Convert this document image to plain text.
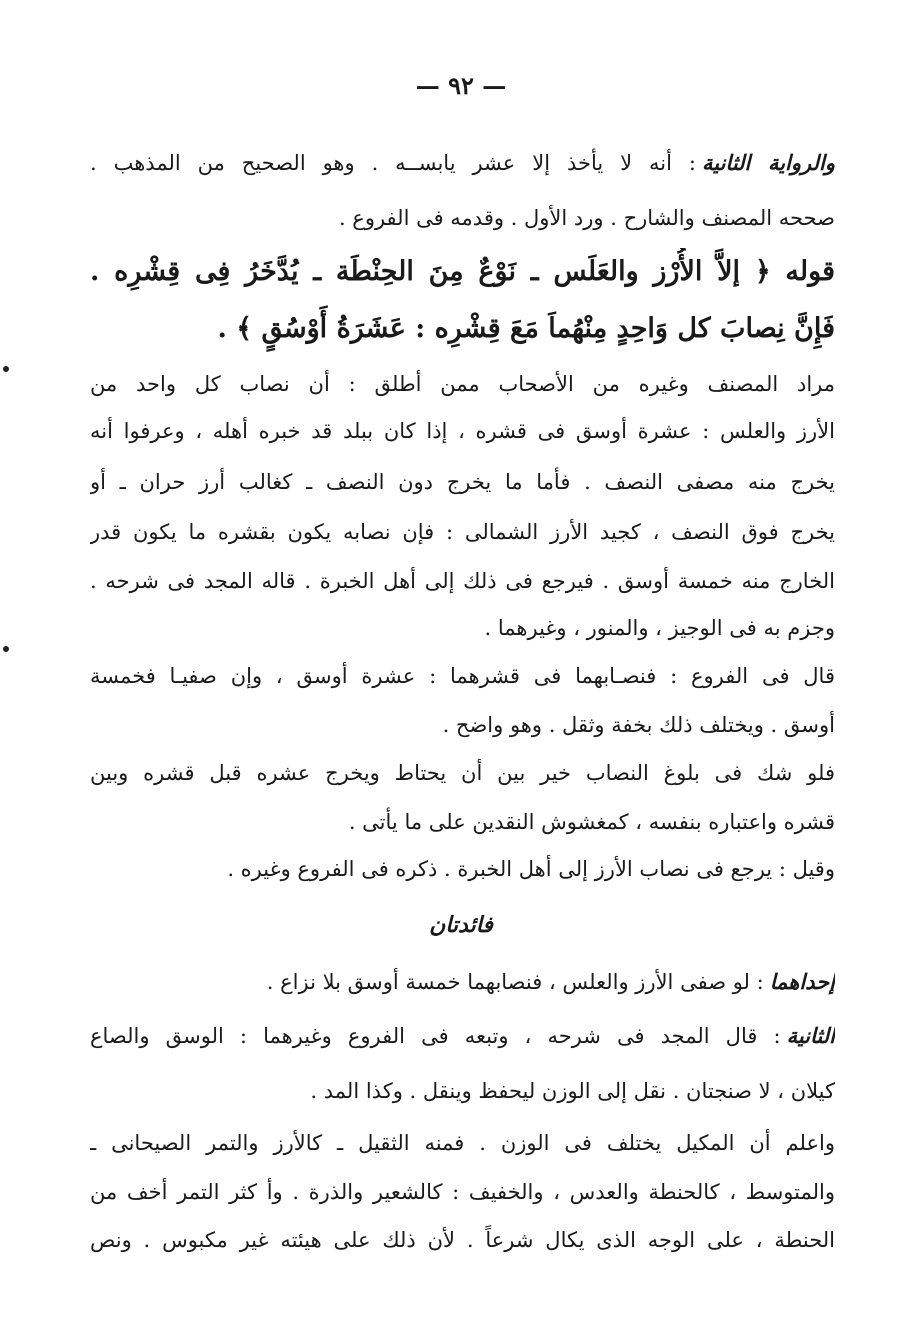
— ٩٢ —
والرواية الثانية: أنه لا يأخذ إلا عشر يابســه . وهو الصحيح من المذهب .
صححه المصنف والشارح . ورد الأول . وقدمه فى الفروع .
قوله ﴿ إلاَّ الأُرْز والعَلَس ـ نَوْعٌ مِنَ الحِنْطَة ـ يُدَّخَرُ فِى قِشْرِه .
فَإِنَّ نِصابَ كل وَاحِدٍ مِنْهُماَ مَعَ قِشْرِه : عَشَرَةُ أَوْسُقٍ ﴾ .
مراد المصنف وغيره من الأصحاب ممن أطلق : أن نصاب كل واحد من
الأرز والعلس : عشرة أوسق فى قشره ، إذا كان ببلد قد خبره أهله ، وعرفوا أنه
يخرج منه مصفى النصف . فأما ما يخرج دون النصف ـ كغالب أرز حران ـ أو
يخرج فوق النصف ، كجيد الأرز الشمالى : فإن نصابه يكون بقشره ما يكون قدر
الخارج منه خمسة أوسق . فيرجع فى ذلك إلى أهل الخبرة . قاله المجد فى شرحه .
وجزم به فى الوجيز ، والمنور ، وغيرهما .
قال فى الفروع : فنصـابهما فى قشرهما : عشرة أوسق ، وإن صفيـا فخمسة
أوسق . ويختلف ذلك بخفة وثقل . وهو واضح .
فلو شك فى بلوغ النصاب خير بين أن يحتاط ويخرج عشره قبل قشره وبين
قشره واعتباره بنفسه ، كمغشوش النقدين على ما يأتى .
وقيل : يرجع فى نصاب الأرز إلى أهل الخبرة . ذكره فى الفروع وغيره .
إحداهما: لو صفى الأرز والعلس ، فنصابهما خمسة أوسق بلا نزاع .
الثانية: قال المجد فى شرحه ، وتبعه فى الفروع وغيرهما : الوسق والصاع
كيلان ، لا صنجتان . نقل إلى الوزن ليحفظ وينقل . وكذا المد .
واعلم أن المكيل يختلف فى الوزن . فمنه الثقيل ـ كالأرز والتمر الصيحانى ـ
والمتوسط ، كالحنطة والعدس ، والخفيف : كالشعير والذرة . وأ كثر التمر أخف من
الحنطة ، على الوجه الذى يكال شرعاً . لأن ذلك على هيئته غير مكبوس . ونص
فائدتان
